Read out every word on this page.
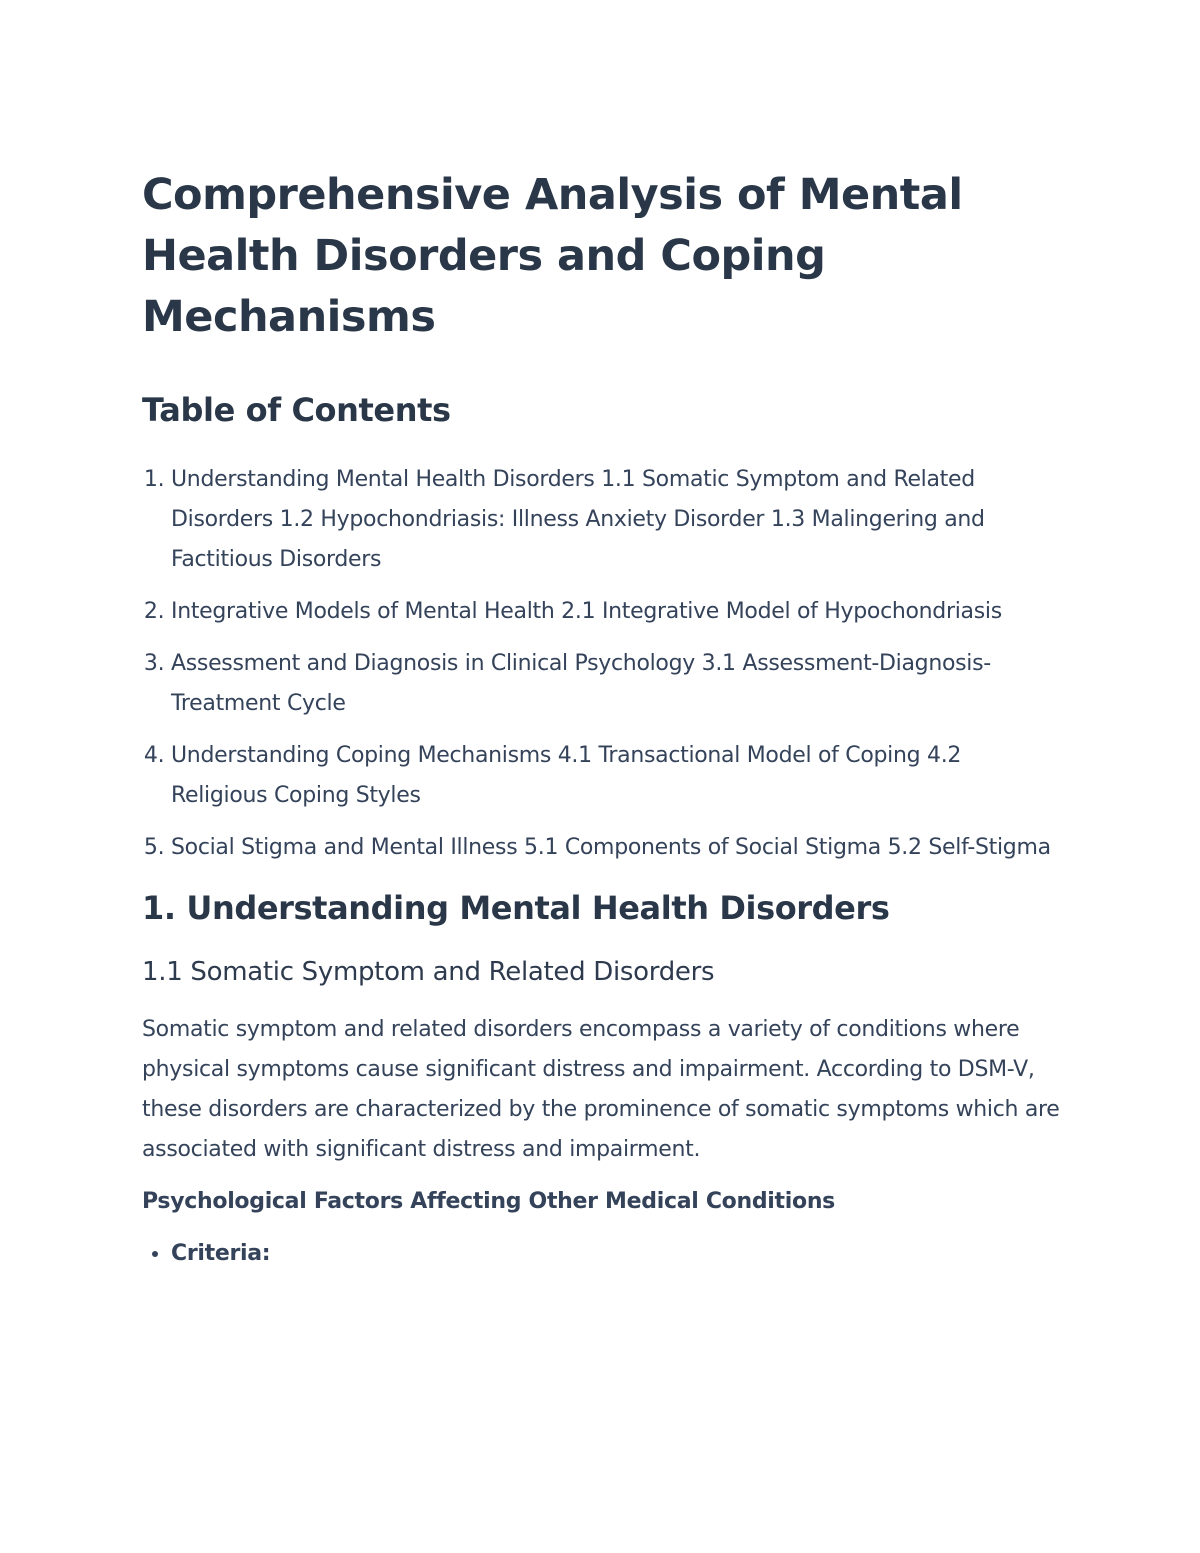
Comprehensive Analysis of Mental Health Disorders and Coping Mechanisms
Table of Contents
1. Understanding Mental Health Disorders 1.1 Somatic Symptom and Related Disorders 1.2 Hypochondriasis: Illness Anxiety Disorder 1.3 Malingering and Factitious Disorders
2. Integrative Models of Mental Health 2.1 Integrative Model of Hypochondriasis
3. Assessment and Diagnosis in Clinical Psychology 3.1 Assessment-Diagnosis-Treatment Cycle
4. Understanding Coping Mechanisms 4.1 Transactional Model of Coping 4.2 Religious Coping Styles
5. Social Stigma and Mental Illness 5.1 Components of Social Stigma 5.2 Self-Stigma
1. Understanding Mental Health Disorders
1.1 Somatic Symptom and Related Disorders

Somatic symptom and related disorders encompass a variety of conditions where physical symptoms cause significant distress and impairment. According to DSM-V, these disorders are characterized by the prominence of somatic symptoms which are associated with significant distress and impairment.

Psychological Factors Affecting Other Medical Conditions

• Criteria:
